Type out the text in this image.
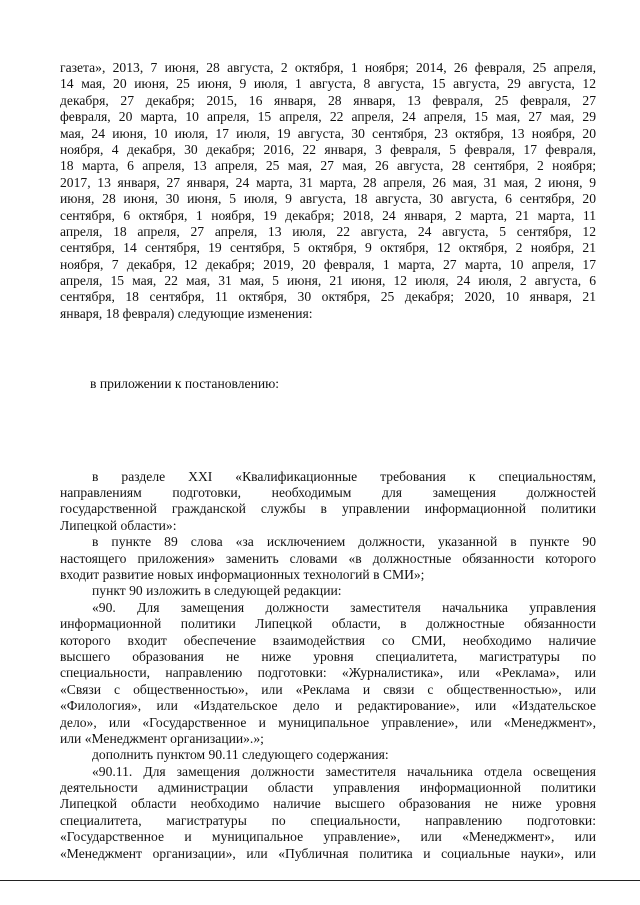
газета», 2013, 7 июня, 28 августа, 2 октября, 1 ноября; 2014, 26 февраля, 25 апреля,
14 мая, 20 июня, 25 июня, 9 июля, 1 августа, 8 августа, 15 августа, 29 августа, 12
декабря, 27 декабря; 2015, 16 января, 28 января, 13 февраля, 25 февраля, 27
февраля, 20 марта, 10 апреля, 15 апреля, 22 апреля, 24 апреля, 15 мая, 27 мая, 29
мая, 24 июня, 10 июля, 17 июля, 19 августа, 30 сентября, 23 октября, 13 ноября, 20
ноября, 4 декабря, 30 декабря; 2016, 22 января, 3 февраля, 5 февраля, 17 февраля,
18 марта, 6 апреля, 13 апреля, 25 мая, 27 мая, 26 августа, 28 сентября, 2 ноября;
2017, 13 января, 27 января, 24 марта, 31 марта, 28 апреля, 26 мая, 31 мая, 2 июня, 9
июня, 28 июня, 30 июня, 5 июля, 9 августа, 18 августа, 30 августа, 6 сентября, 20
сентября, 6 октября, 1 ноября, 19 декабря; 2018, 24 января, 2 марта, 21 марта, 11
апреля, 18 апреля, 27 апреля, 13 июля, 22 августа, 24 августа, 5 сентября, 12
сентября, 14 сентября, 19 сентября, 5 октября, 9 октября, 12 октября, 2 ноября, 21
ноября, 7 декабря, 12 декабря; 2019, 20 февраля, 1 марта, 27 марта, 10 апреля, 17
апреля, 15 мая, 22 мая, 31 мая, 5 июня, 21 июня, 12 июля, 24 июля, 2 августа, 6
сентября, 18 сентября, 11 октября, 30 октября, 25 декабря; 2020, 10 января, 21
января, 18 февраля) следующие изменения:
в приложении к постановлению:
в разделе XXI «Квалификационные требования к специальностям,
направлениям подготовки, необходимым для замещения должностей
государственной гражданской службы в управлении информационной политики
Липецкой области»:
в пункте 89 слова «за исключением должности, указанной в пункте 90
настоящего приложения» заменить словами «в должностные обязанности которого
входит развитие новых информационных технологий в СМИ»;
пункт 90 изложить в следующей редакции:
«90. Для замещения должности заместителя начальника управления
информационной политики Липецкой области, в должностные обязанности
которого входит обеспечение взаимодействия со СМИ, необходимо наличие
высшего образования не ниже уровня специалитета, магистратуры по
специальности, направлению подготовки: «Журналистика», или «Реклама», или
«Связи с общественностью», или «Реклама и связи с общественностью», или
«Филология», или «Издательское дело и редактирование», или «Издательское
дело», или «Государственное и муниципальное управление», или «Менеджмент»,
или «Менеджмент организации».»;
дополнить пунктом 90.11 следующего содержания:
«90.11. Для замещения должности заместителя начальника отдела освещения
деятельности администрации области управления информационной политики
Липецкой области необходимо наличие высшего образования не ниже уровня
специалитета, магистратуры по специальности, направлению подготовки:
«Государственное и муниципальное управление», или «Менеджмент», или
«Менеджмент организации», или «Публичная политика и социальные науки», или
